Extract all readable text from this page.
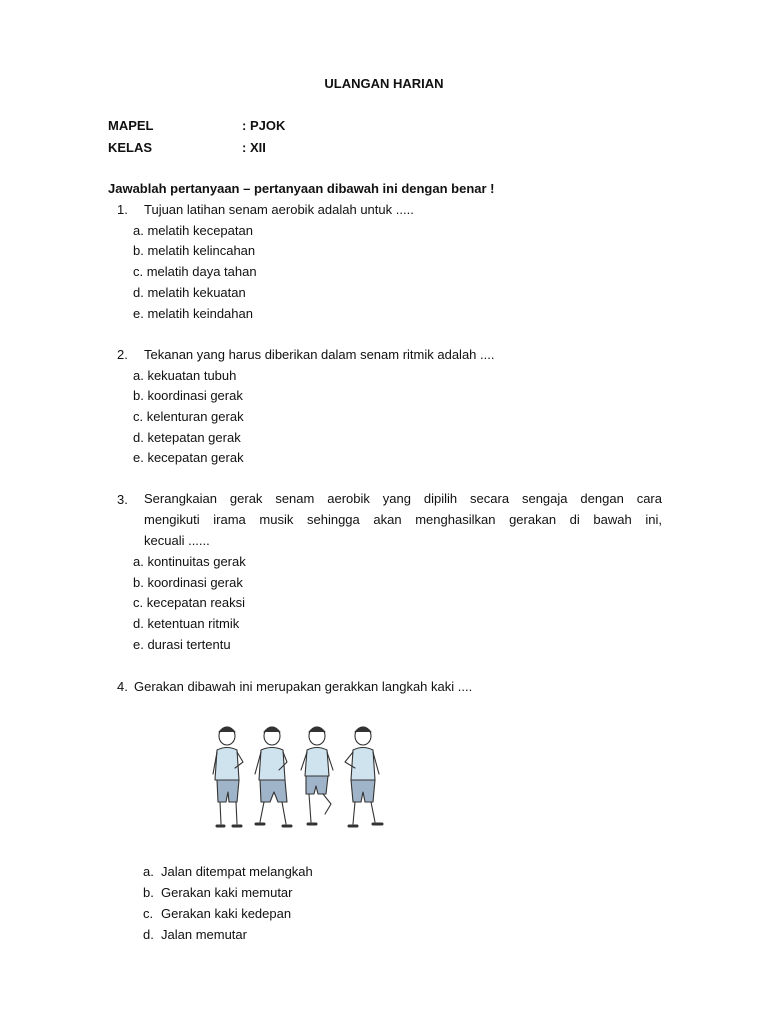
ULANGAN HARIAN
MAPEL	: PJOK
KELAS	: XII
Jawablah pertanyaan – pertanyaan dibawah ini dengan benar !
1. Tujuan latihan senam aerobik adalah untuk .....
a. melatih kecepatan
b. melatih kelincahan
c. melatih daya tahan
d. melatih kekuatan
e. melatih keindahan
2. Tekanan yang harus diberikan dalam senam ritmik adalah ....
a. kekuatan tubuh
b. koordinasi gerak
c. kelenturan gerak
d. ketepatan gerak
e. kecepatan gerak
3. Serangkaian gerak senam aerobik yang dipilih secara sengaja dengan cara
mengikuti irama musik sehingga akan menghasilkan gerakan di bawah ini,
kecuali ......
a. kontinuitas gerak
b. koordinasi gerak
c. kecepatan reaksi
d. ketentuan ritmik
e. durasi tertentu
4. Gerakan dibawah ini merupakan gerakkan langkah kaki ....
a. Jalan ditempat melangkah
b. Gerakan kaki memutar
c. Gerakan kaki kedepan
d. Jalan memutar
